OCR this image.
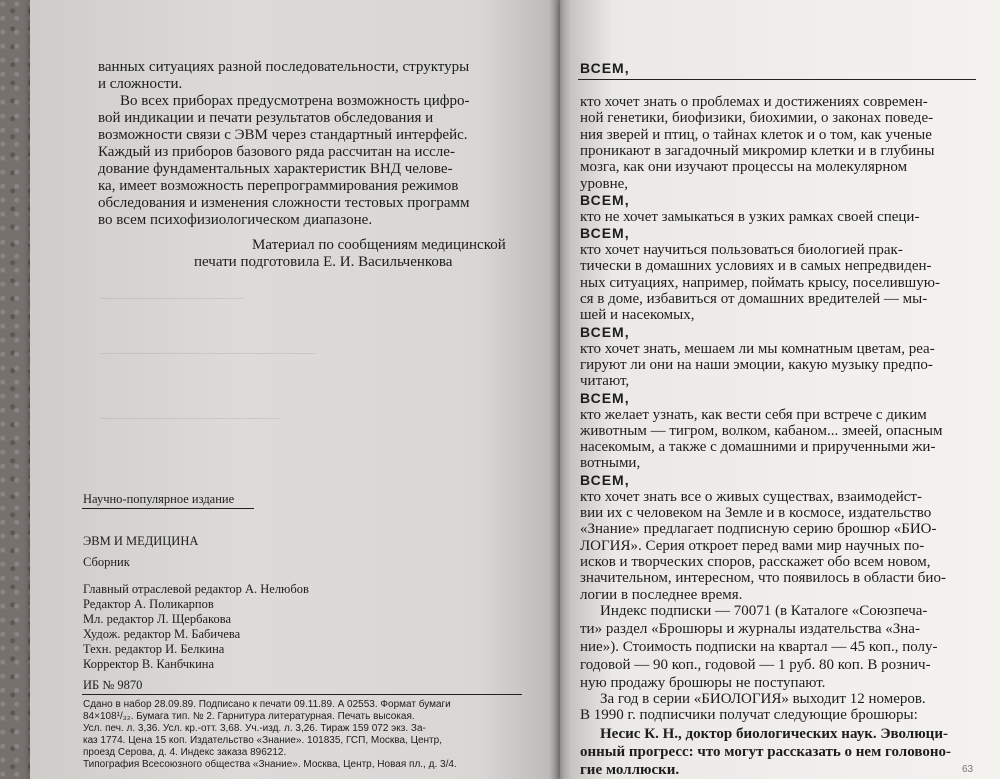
ванных ситуациях разной последовательности, структуры
и сложности.
Во всех приборах предусмотрена возможность цифро-
вой индикации и печати результатов обследования и
возможности связи с ЭВМ через стандартный интерфейс.
Каждый из приборов базового ряда рассчитан на иссле-
дование фундаментальных характеристик ВНД челове-
ка, имеет возможность перепрограммирования режимов
обследования и изменения сложности тестовых программ
во всем психофизиологическом диапазоне.
Материал по сообщениям медицинской
печати подготовила Е. И. Васильченкова
————————————
——————————————————
———————————————
Научно-популярное издание
ЭВМ И МЕДИЦИНА
Сборник
Главный отраслевой редактор А. Нелюбов
Редактор А. Поликарпов
Мл. редактор Л. Щербакова
Худож. редактор М. Бабичева
Техн. редактор И. Белкина
Корректор В. Канбчкина
ИБ № 9870
Сдано в набор 28.09.89. Подписано к печати 09.11.89. А 02553. Формат бумаги
84×108¹/₃₂. Бумага тип. № 2. Гарнитура литературная. Печать высокая.
Усл. печ. л. 3,36. Усл. кр.-отт. 3,68. Уч.-изд. л. 3,26. Тираж 159 072 экз. За-
каз 1774. Цена 15 коп. Издательство «Знание». 101835, ГСП, Москва, Центр,
проезд Серова, д. 4. Индекс заказа 896212.
Типография Всесоюзного общества «Знание». Москва, Центр, Новая пл., д. 3/4.
ВСЕМ,
кто хочет знать о проблемах и достижениях современ-
ной генетики, биофизики, биохимии, о законах поведе-
ния зверей и птиц, о тайнах клеток и о том, как ученые
проникают в загадочный микромир клетки и в глубины
мозга, как они изучают процессы на молекулярном
уровне,
ВСЕМ,
кто не хочет замыкаться в узких рамках своей специ-
ВСЕМ,
кто хочет научиться пользоваться биологией прак-
тически в домашних условиях и в самых непредвиден-
ных ситуациях, например, поймать крысу, поселившую-
ся в доме, избавиться от домашних вредителей — мы-
шей и насекомых,
ВСЕМ,
кто хочет знать, мешаем ли мы комнатным цветам, реа-
гируют ли они на наши эмоции, какую музыку предпо-
читают,
ВСЕМ,
кто желает узнать, как вести себя при встрече с диким
животным — тигром, волком, кабаном... змеей, опасным
насекомым, а также с домашними и прирученными жи-
вотными,
ВСЕМ,
кто хочет знать все о живых существах, взаимодейст-
вии их с человеком на Земле и в космосе, издательство
«Знание» предлагает подписную серию брошюр «БИО-
ЛОГИЯ». Серия откроет перед вами мир научных по-
исков и творческих споров, расскажет обо всем новом,
значительном, интересном, что появилось в области био-
логии в последнее время.
Индекс подписки — 70071 (в Каталоге «Союзпеча-
ти» раздел «Брошюры и журналы издательства «Зна-
ние»). Стоимость подписки на квартал — 45 коп., полу-
годовой — 90 коп., годовой — 1 руб. 80 коп. В рознич-
ную продажу брошюры не поступают.
За год в серии «БИОЛОГИЯ» выходит 12 номеров.
В 1990 г. подписчики получат следующие брошюры:
Несис К. Н., доктор биологических наук. Эволюци-
онный прогресс: что могут рассказать о нем головоно-
гие моллюски.	63
